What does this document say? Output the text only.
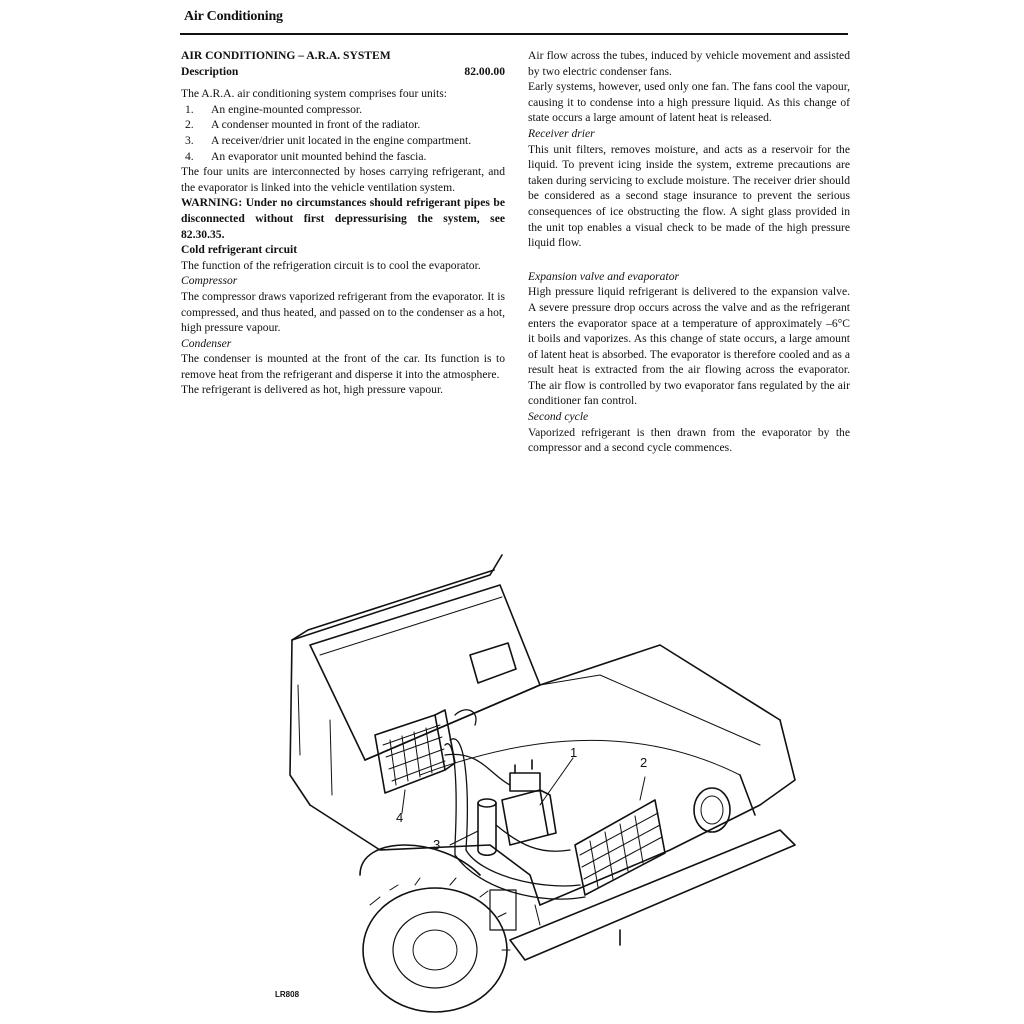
Air Conditioning

AIR CONDITIONING – A.R.A. SYSTEM

Description	82.00.00

The A.R.A. air conditioning system comprises four units:

1.	An engine-mounted compressor.
2.	A condenser mounted in front of the radiator.
3.	A receiver/drier unit located in the engine compartment.
4.	An evaporator unit mounted behind the fascia.

The four units are interconnected by hoses carrying refrigerant, and the evaporator is linked into the vehicle ventilation system.

WARNING: Under no circumstances should refrigerant pipes be disconnected without first depressurising the system, see 82.30.35.

Cold refrigerant circuit

The function of the refrigeration circuit is to cool the evaporator.

Compressor

The compressor draws vaporized refrigerant from the evaporator. It is compressed, and thus heated, and passed on to the condenser as a hot, high pressure vapour.

Condenser

The condenser is mounted at the front of the car. Its function is to remove heat from the refrigerant and disperse it into the atmosphere.

The refrigerant is delivered as hot, high pressure vapour.

Air flow across the tubes, induced by vehicle movement and assisted by two electric condenser fans.

Early systems, however, used only one fan. The fans cool the vapour, causing it to condense into a high pressure liquid. As this change of state occurs a large amount of latent heat is released.

Receiver drier

This unit filters, removes moisture, and acts as a reservoir for the liquid. To prevent icing inside the system, extreme precautions are taken during servicing to exclude moisture. The receiver drier should be considered as a second stage insurance to prevent the serious consequences of ice obstructing the flow. A sight glass provided in the unit top enables a visual check to be made of the high pressure liquid flow.

Expansion valve and evaporator

High pressure liquid refrigerant is delivered to the expansion valve. A severe pressure drop occurs across the valve and as the refrigerant enters the evaporator space at a temperature of approximately –6°C it boils and vaporizes. As this change of state occurs, a large amount of latent heat is absorbed. The evaporator is therefore cooled and as a result heat is extracted from the air flowing across the evaporator. The air flow is controlled by two evaporator fans regulated by the air conditioner fan control.

Second cycle

Vaporized refrigerant is then drawn from the evaporator by the compressor and a second cycle commences.

1
2
3
4
LR808
